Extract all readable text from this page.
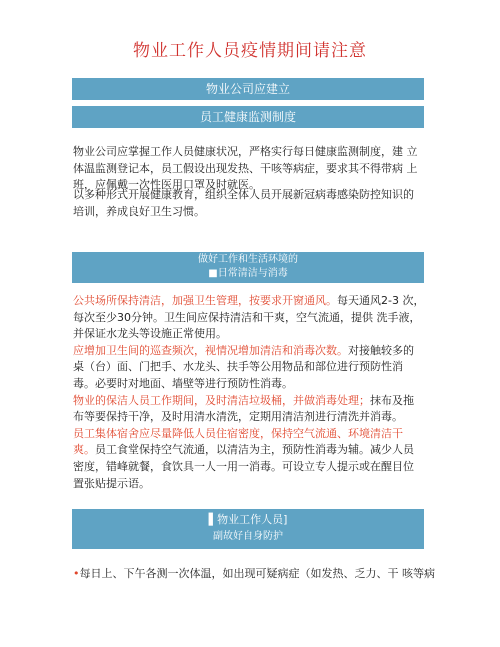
物业工作人员疫情期间请注意
物业公司应建立
员工健康监测制度

物业公司应掌握工作人员健康状况，严格实行每日健康监测制度，建 立体温监测登记本，员工假设出现发热、干咳等病症，要求其不得带病 上班，应佩戴一次性医用口罩及时就医。

以多种形式开展健康教育，组织全体人员开展新冠病毒感染防控知识的 培训，养成良好卫生习惯。

做好工作和生活环境的
■日常清洁与消毒
公共场所保持清洁，加强卫生管理，按要求开窗通风。每天通风2-3 次，每次至少30分钟。卫生间应保持清洁和干爽，空气流通，提供 洗手液，并保证水龙头等设施正常使用。
应增加卫生间的巡查频次，视情况增加清洁和消毒次数。对接触较多的 桌（台）面、门把手、水龙头、扶手等公用物品和部位进行预防性消 毒。必要时对地面、墙壁等进行预防性消毒。
物业的保洁人员工作期间，及时清洁垃圾桶，并做消毒处理；抹布及拖 布等要保持干净，及时用清水清洗，定期用清洁剂进行清洗并消毒。
员工集体宿舍应尽量降低人员住宿密度，保持空气流通、环境清洁干 爽。员工食堂保持空气流通，以清洁为主，预防性消毒为辅。减少人员 密度，错峰就餐，食饮具一人一用一消毒。可设立专人提示或在醒目位 置张贴提示语。
▌物业工作人员]
副故好自身防护
•每日上、下午各测一次体温，如出现可疑病症（如发热、乏力、干 咳等病
